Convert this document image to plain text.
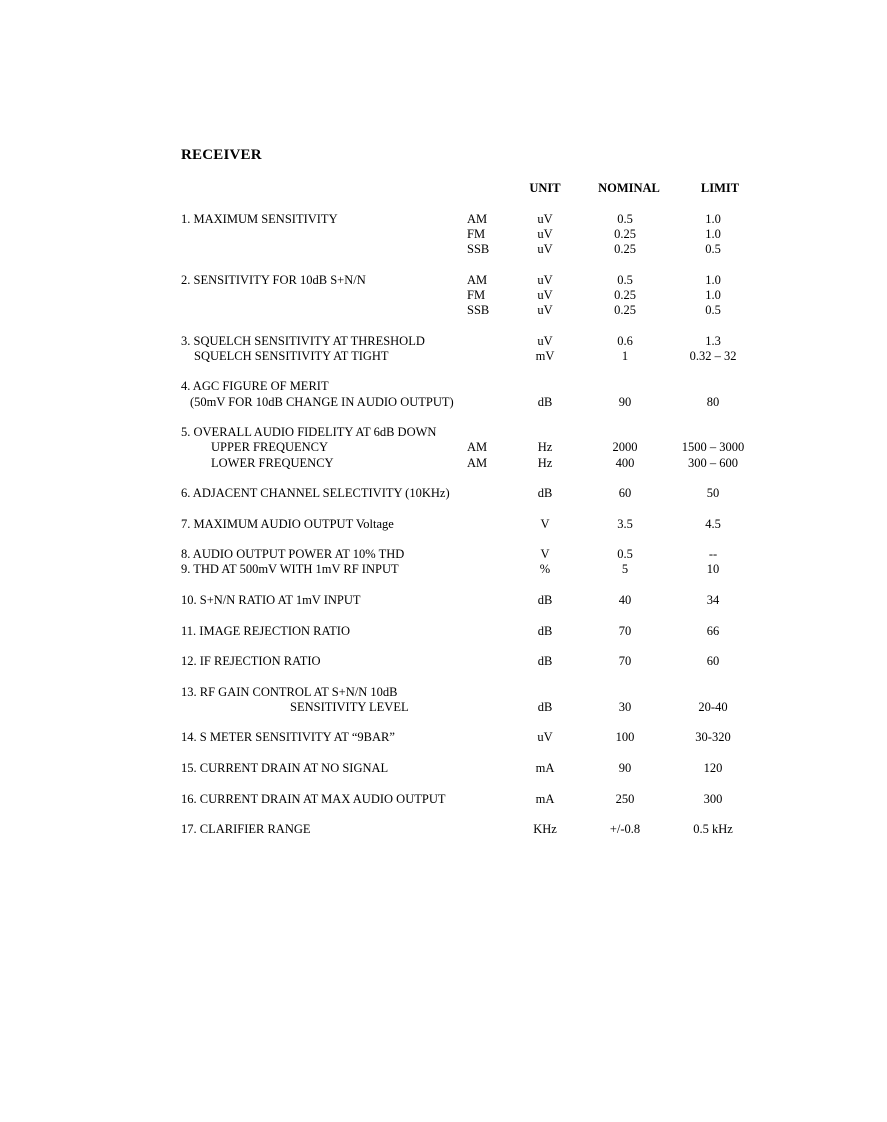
RECEIVER
UNIT	NOMINAL	LIMIT
1. MAXIMUM SENSITIVITY	AM	uV	0.5	1.0
FM	uV	0.25	1.0
SSB	uV	0.25	0.5
2. SENSITIVITY FOR 10dB S+N/N	AM	uV	0.5	1.0
FM	uV	0.25	1.0
SSB	uV	0.25	0.5
3. SQUELCH SENSITIVITY AT THRESHOLD	uV	0.6	1.3
SQUELCH SENSITIVITY AT TIGHT	mV	1	0.32 – 32
4. AGC FIGURE OF MERIT
(50mV FOR 10dB CHANGE IN AUDIO OUTPUT)	dB	90	80
5. OVERALL AUDIO FIDELITY AT 6dB DOWN
UPPER FREQUENCY	AM	Hz	2000	1500 – 3000
LOWER FREQUENCY	AM	Hz	400	300 – 600
6. ADJACENT CHANNEL SELECTIVITY (10KHz)	dB	60	50
7. MAXIMUM AUDIO OUTPUT Voltage	V	3.5	4.5
8. AUDIO OUTPUT POWER AT 10% THD	V	0.5	--
9. THD AT 500mV WITH 1mV RF INPUT	%	5	10
10. S+N/N RATIO AT 1mV INPUT	dB	40	34
11. IMAGE REJECTION RATIO	dB	70	66
12. IF REJECTION RATIO	dB	70	60
13. RF GAIN CONTROL AT S+N/N 10dB
SENSITIVITY LEVEL	dB	30	20-40
14. S METER SENSITIVITY AT “9BAR”	uV	100	30-320
15. CURRENT DRAIN AT NO SIGNAL	mA	90	120
16. CURRENT DRAIN AT MAX AUDIO OUTPUT	mA	250	300
17. CLARIFIER RANGE	KHz	+/-0.8	0.5 kHz
